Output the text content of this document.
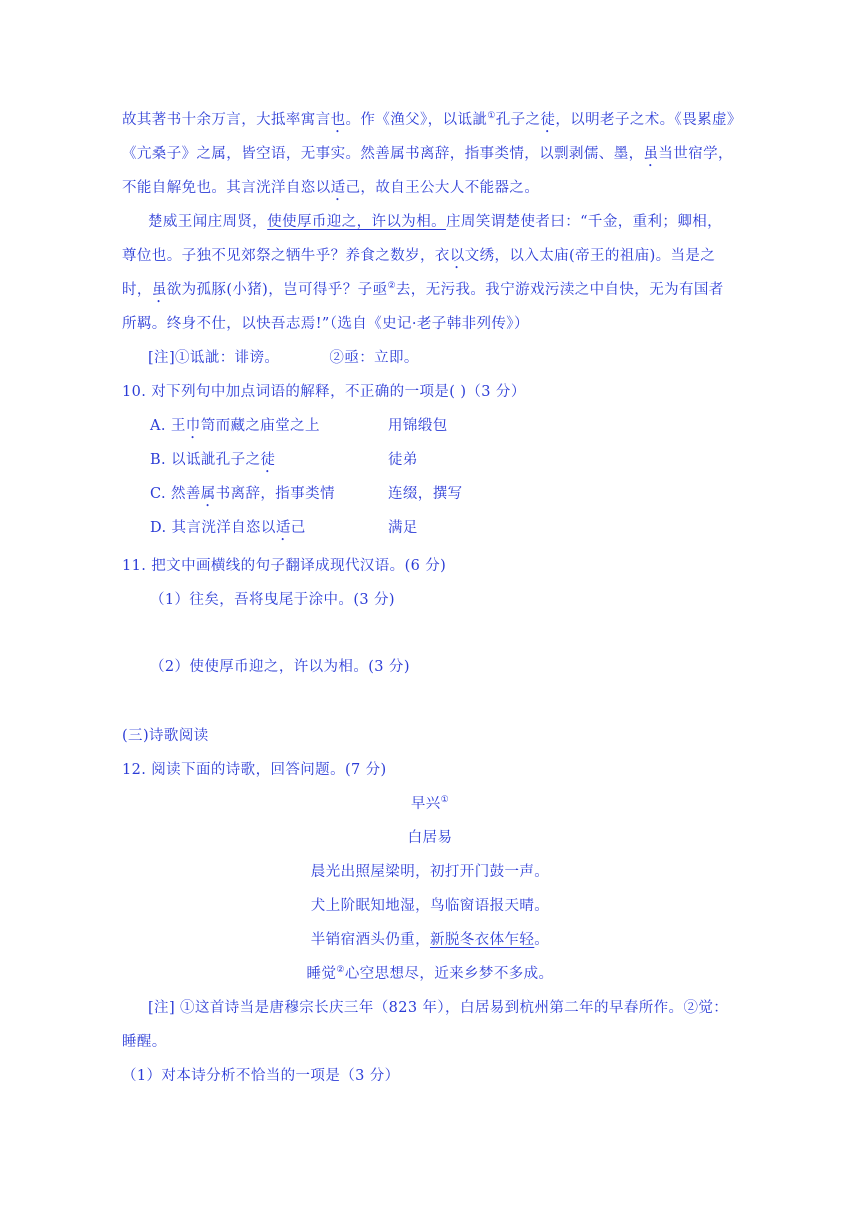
故其著书十余万言，大抵率寓言也。作《渔父》，以诋訿①孔子之徒，以明老子之术。《畏累虚》
《亢桑子》之属，皆空语，无事实。然善属书离辞，指事类情，以剽剥儒、墨，虽当世宿学，
不能自解免也。其言洸洋自恣以适己，故自王公大人不能器之。
楚威王闻庄周贤，使使厚币迎之，许以为相。庄周笑谓楚使者曰：“千金，重利；卿相，
尊位也。子独不见郊祭之牺牛乎？养食之数岁，衣以文绣，以入太庙(帝王的祖庙)。当是之
时，虽欲为孤豚(小猪)，岂可得乎？子亟②去，无污我。我宁游戏污渎之中自快，无为有国者
所羁。终身不仕，以快吾志焉!”（选自《史记·老子韩非列传》）
[注]①诋訿：诽谤。          ②亟：立即。
10. 对下列句中加点词语的解释，不正确的一项是( )（3 分）
A. 王巾笥而藏之庙堂之上	用锦缎包
B. 以诋訿孔子之徒	徒弟
C. 然善属书离辞，指事类情	连缀，撰写
D. 其言洸洋自恣以适己	满足
11. 把文中画横线的句子翻译成现代汉语。(6 分)
（1）往矣，吾将曳尾于涂中。(3 分)
（2）使使厚币迎之，许以为相。(3 分)
(三)诗歌阅读
12. 阅读下面的诗歌，回答问题。(7 分)
早兴①
白居易
晨光出照屋梁明，初打开门鼓一声。
犬上阶眠知地湿，鸟临窗语报天晴。
半销宿酒头仍重，新脱冬衣体乍轻。
睡觉②心空思想尽，近来乡梦不多成。
[注] ①这首诗当是唐穆宗长庆三年（823 年），白居易到杭州第二年的早春所作。②觉：
睡醒。
（1）对本诗分析不恰当的一项是（3 分）
